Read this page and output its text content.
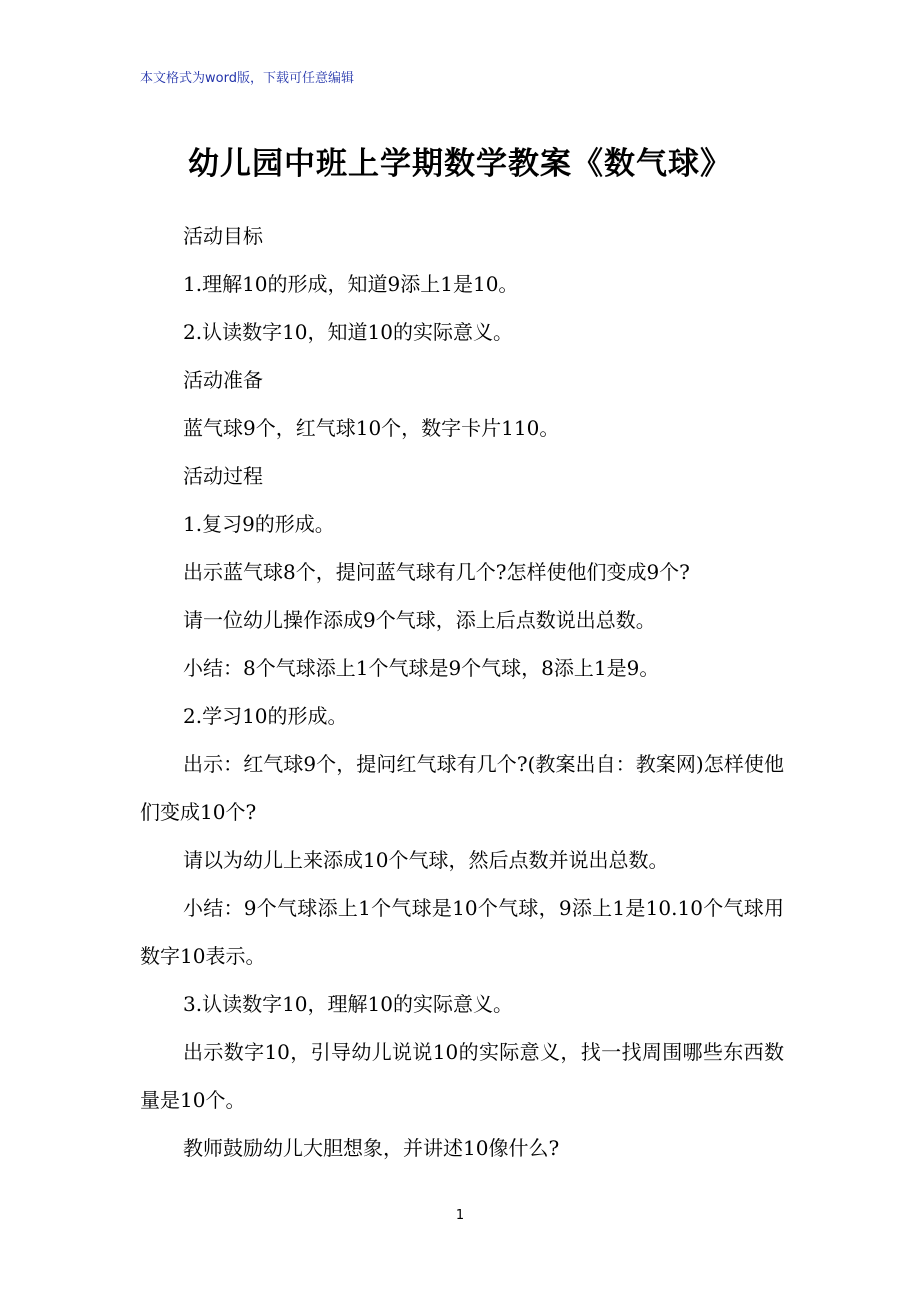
本文格式为word版，下载可任意编辑
幼儿园中班上学期数学教案《数气球》

活动目标

1.理解10的形成，知道9添上1是10。

2.认读数字10，知道10的实际意义。

活动准备

蓝气球9个，红气球10个，数字卡片110。

活动过程

1.复习9的形成。

出示蓝气球8个，提问蓝气球有几个?怎样使他们变成9个?

请一位幼儿操作添成9个气球，添上后点数说出总数。

小结：8个气球添上1个气球是9个气球，8添上1是9。

2.学习10的形成。

出示：红气球9个，提问红气球有几个?(教案出自：教案网)怎样使他们变成10个?

请以为幼儿上来添成10个气球，然后点数并说出总数。

小结：9个气球添上1个气球是10个气球，9添上1是10.10个气球用数字10表示。

3.认读数字10，理解10的实际意义。

出示数字10，引导幼儿说说10的实际意义，找一找周围哪些东西数量是10个。

教师鼓励幼儿大胆想象，并讲述10像什么?

1
